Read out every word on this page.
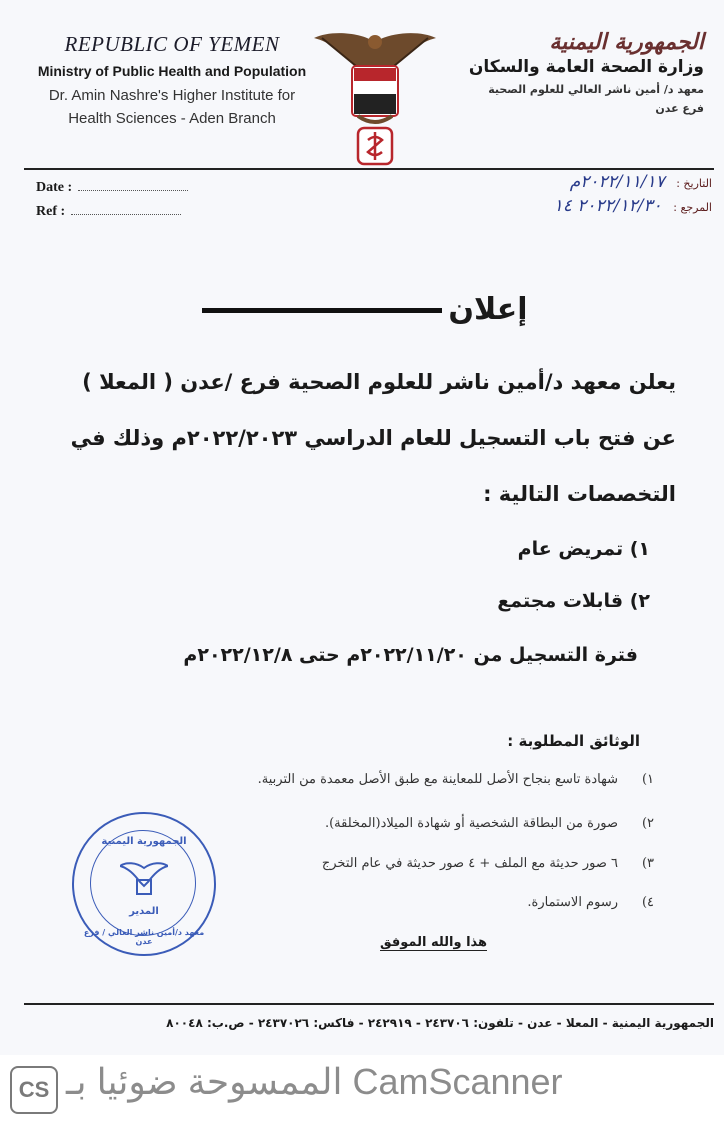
REPUBLIC OF YEMEN
Ministry of Public Health and Population
Dr. Amin Nashre's Higher Institute for
Health Sciences - Aden Branch
الجمهورية اليمنية
وزارة الصحة العامة والسكان
معهد د/ أمين ناشر العالي للعلوم الصحية
فرع عدن
Date :
Ref :
التاريخ : ٢٠٢٢/١١/١٧م
المرجع : ٢٠٢٢/١٢/٣٠ ١٤
إعلان
يعلن معهد د/أمين ناشر للعلوم الصحية فرع /عدن ( المعلا )
عن فتح باب التسجيل للعام الدراسي ٢٠٢٢/٢٠٢٣م وذلك في
التخصصات التالية :
١) تمريض عام
٢) قابلات مجتمع
فترة التسجيل من ٢٠٢٢/١١/٢٠م حتى ٢٠٢٢/١٢/٨م
الوثائق المطلوبة :
١)شهادة تاسع بنجاح الأصل للمعاينة مع طبق الأصل معمدة من التربية.
٢)صورة من البطاقة الشخصية أو شهادة الميلاد(المخلقة).
٣)٦ صور حديثة مع الملف + ٤ صور حديثة في عام التخرج
٤)رسوم الاستمارة.
هذا والله الموفق
الجمهورية اليمنية
المدير
معهد د/أمين ناشر العالي / فرع عدن
الجمهورية اليمنية - المعلا - عدن - تلفون: ٢٤٣٧٠٦ - ٢٤٢٩١٩ - فاكس: ٢٤٣٧٠٢٦ - ص.ب: ٨٠٠٤٨
CS الممسوحة ضوئيا بـ CamScanner
